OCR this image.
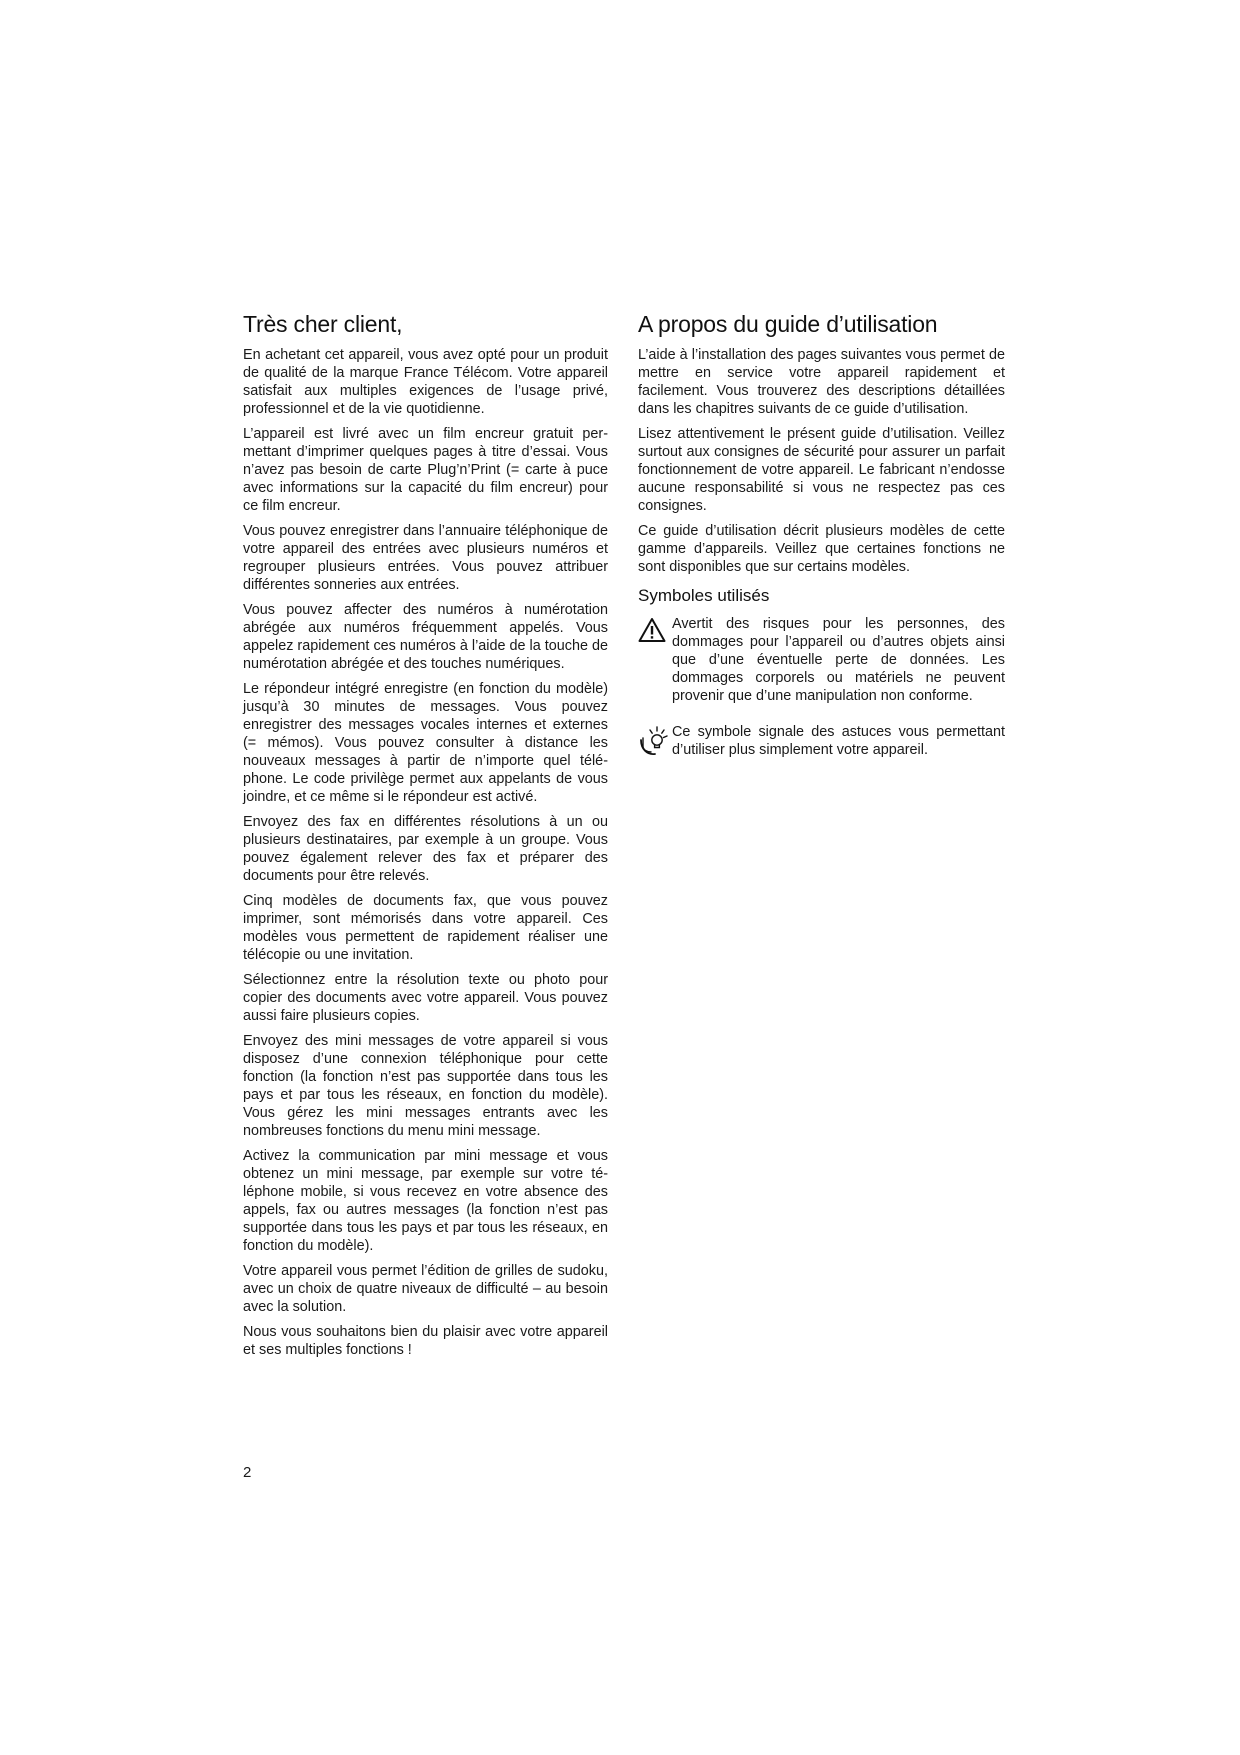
Très cher client,

En achetant cet appareil, vous avez opté pour un produit de qualité de la marque France Télécom. Votre appareil satisfait aux multiples exigences de l’usage privé, professionnel et de la vie quotidienne.

L’appareil est livré avec un film encreur gratuit permettant d’imprimer quelques pages à titre d’essai. Vous n’avez pas besoin de carte Plug’n’Print (= carte à puce avec informations sur la capacité du film encreur) pour ce film encreur.

Vous pouvez enregistrer dans l’annuaire téléphonique de votre appareil des entrées avec plusieurs numéros et regrouper plusieurs entrées. Vous pouvez attribuer différentes sonneries aux entrées.

Vous pouvez affecter des numéros à numérotation abrégée aux numéros fréquemment appelés. Vous appelez rapidement ces numéros à l’aide de la touche de numérotation abrégée et des touches numériques.

Le répondeur intégré enregistre (en fonction du modèle) jusqu’à 30 minutes de messages. Vous pouvez enregistrer des messages vocales internes et externes (= mémos). Vous pouvez consulter à distance les nouveaux messages à partir de n’importe quel téléphone. Le code privilège permet aux appelants de vous joindre, et ce même si le répondeur est activé.

Envoyez des fax en différentes résolutions à un ou plusieurs destinataires, par exemple à un groupe. Vous pouvez également relever des fax et préparer des documents pour être relevés.

Cinq modèles de documents fax, que vous pouvez imprimer, sont mémorisés dans votre appareil. Ces modèles vous permettent de rapidement réaliser une télécopie ou une invitation.

Sélectionnez entre la résolution texte ou photo pour copier des documents avec votre appareil. Vous pouvez aussi faire plusieurs copies.

Envoyez des mini messages de votre appareil si vous disposez d’une connexion téléphonique pour cette fonction (la fonction n’est pas supportée dans tous les pays et par tous les réseaux, en fonction du modèle). Vous gérez les mini messages entrants avec les nombreuses fonctions du menu mini message.

Activez la communication par mini message et vous obtenez un mini message, par exemple sur votre téléphone mobile, si vous recevez en votre absence des appels, fax ou autres messages (la fonction n’est pas supportée dans tous les pays et par tous les réseaux, en fonction du modèle).

Votre appareil vous permet l’édition de grilles de sudoku, avec un choix de quatre niveaux de difficulté – au besoin avec la solution.

Nous vous souhaitons bien du plaisir avec votre appareil et ses multiples fonctions !

A propos du guide d’utilisation

L’aide à l’installation des pages suivantes vous permet de mettre en service votre appareil rapidement et facilement. Vous trouverez des descriptions détaillées dans les chapitres suivants de ce guide d’utilisation.

Lisez attentivement le présent guide d’utilisation. Veillez surtout aux consignes de sécurité pour assurer un parfait fonctionnement de votre appareil. Le fabricant n’endosse aucune responsabilité si vous ne respectez pas ces consignes.

Ce guide d’utilisation décrit plusieurs modèles de cette gamme d’appareils. Veillez que certaines fonctions ne sont disponibles que sur certains modèles.

Symboles utilisés

Avertit des risques pour les personnes, des dommages pour l’appareil ou d’autres objets ainsi que d’une éventuelle perte de données. Les dommages corporels ou matériels ne peuvent provenir que d’une manipulation non conforme.

Ce symbole signale des astuces vous permettant d’utiliser plus simplement votre appareil.

2
